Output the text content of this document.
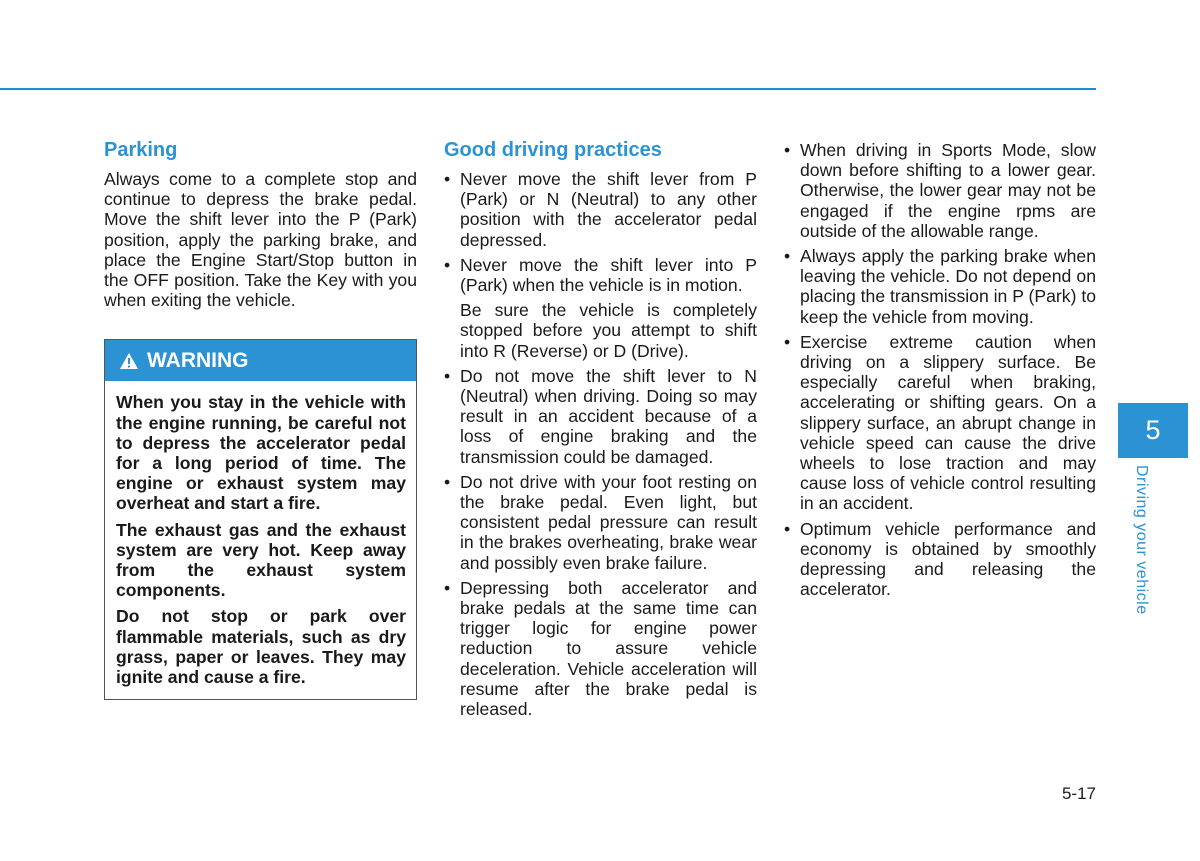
Parking

Always come to a complete stop and continue to depress the brake pedal. Move the shift lever into the P (Park) position, apply the parking brake, and place the Engine Start/Stop button in the OFF position. Take the Key with you when exiting the vehicle.

WARNING

When you stay in the vehicle with the engine running, be careful not to depress the accelerator pedal for a long period of time. The engine or exhaust system may overheat and start a fire.

The exhaust gas and the exhaust system are very hot. Keep away from the exhaust system components.

Do not stop or park over flammable materials, such as dry grass, paper or leaves. They may ignite and cause a fire.

Good driving practices
• Never move the shift lever from P (Park) or N (Neutral) to any other position with the accelerator pedal depressed.
• Never move the shift lever into P (Park) when the vehicle is in motion.

Be sure the vehicle is completely stopped before you attempt to shift into R (Reverse) or D (Drive).

• Do not move the shift lever to N (Neutral) when driving. Doing so may result in an accident because of a loss of engine braking and the transmission could be damaged.
• Do not drive with your foot resting on the brake pedal. Even light, but consistent pedal pressure can result in the brakes overheating, brake wear and possibly even brake failure.
• Depressing both accelerator and brake pedals at the same time can trigger logic for engine power reduction to assure vehicle deceleration. Vehicle acceleration will resume after the brake pedal is released.
• When driving in Sports Mode, slow down before shifting to a lower gear. Otherwise, the lower gear may not be engaged if the engine rpms are outside of the allowable range.
• Always apply the parking brake when leaving the vehicle. Do not depend on placing the transmission in P (Park) to keep the vehicle from moving.
• Exercise extreme caution when driving on a slippery surface. Be especially careful when braking, accelerating or shifting gears. On a slippery surface, an abrupt change in vehicle speed can cause the drive wheels to lose traction and may cause loss of vehicle control resulting in an accident.
• Optimum vehicle performance and economy is obtained by smoothly depressing and releasing the accelerator.
5
Driving your vehicle
5-17
